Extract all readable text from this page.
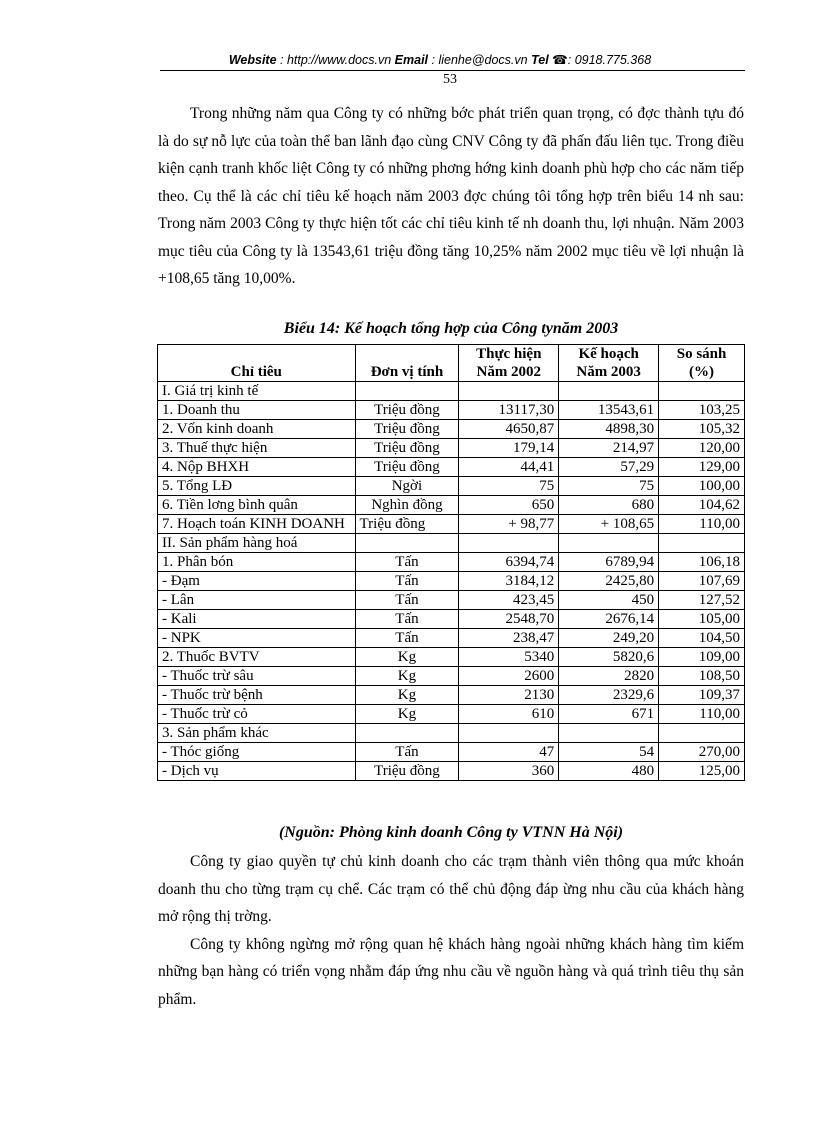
Website : http://www.docs.vn Email : lienhe@docs.vn Tel ☎: 0918.775.368
53

Trong những năm qua Công ty có những bớc phát triển quan trọng, có đợc thành tựu đó là do sự nỗ lực của toàn thể ban lãnh đạo cùng CNV Công ty đã phấn đấu liên tục. Trong điều kiện cạnh tranh khốc liệt Công ty có những phơng hớng kinh doanh phù hợp cho các năm tiếp theo. Cụ thể là các chỉ tiêu kế hoạch năm 2003 đợc chúng tôi tổng hợp trên biểu 14 nh sau: Trong năm 2003 Công ty thực hiện tốt các chỉ tiêu kinh tế nh doanh thu, lợi nhuận. Năm 2003 mục tiêu của Công ty là 13543,61 triệu đồng tăng 10,25% năm 2002 mục tiêu về lợi nhuận là +108,65 tăng 10,00%.

Biểu 14: Kế hoạch tổng hợp của Công tynăm 2003
Chỉ tiêu	Đơn vị tính	Thực hiện Năm 2002	Kế hoạch Năm 2003	So sánh (%)
I. Giá trị kinh tế				
1. Doanh thu	Triệu đồng	13117,30	13543,61	103,25
2. Vốn kinh doanh	Triệu đồng	4650,87	4898,30	105,32
3. Thuế thực hiện	Triệu đồng	179,14	214,97	120,00
4. Nộp BHXH	Triệu đồng	44,41	57,29	129,00
5. Tổng LĐ	Ngời	75	75	100,00
6. Tiền lơng bình quân	Nghìn đồng	650	680	104,62
7. Hoạch toán KINH DOANH	Triệu đồng	+ 98,77	+ 108,65	110,00
II. Sản phẩm hàng hoá				
1. Phân bón	Tấn	6394,74	6789,94	106,18
- Đạm	Tấn	3184,12	2425,80	107,69
- Lân	Tấn	423,45	450	127,52
- Kali	Tấn	2548,70	2676,14	105,00
- NPK	Tấn	238,47	249,20	104,50
2. Thuốc BVTV	Kg	5340	5820,6	109,00
- Thuốc trừ sâu	Kg	2600	2820	108,50
- Thuốc trừ bệnh	Kg	2130	2329,6	109,37
- Thuốc trừ cỏ	Kg	610	671	110,00
3. Sản phẩm khác				
- Thóc giống	Tấn	47	54	270,00
- Dịch vụ	Triệu đồng	360	480	125,00
(Nguồn: Phòng kinh doanh Công ty VTNN Hà Nội)

Công ty giao quyền tự chủ kinh doanh cho các trạm thành viên thông qua mức khoán doanh thu cho từng trạm cụ chể. Các trạm có thể chủ động đáp ừng nhu cầu của khách hàng mở rộng thị trờng.

Công ty không ngừng mở rộng quan hệ khách hàng ngoài những khách hàng tìm kiếm những bạn hàng có triển vọng nhằm đáp ứng nhu cầu về nguồn hàng và quá trình tiêu thụ sản phẩm.
